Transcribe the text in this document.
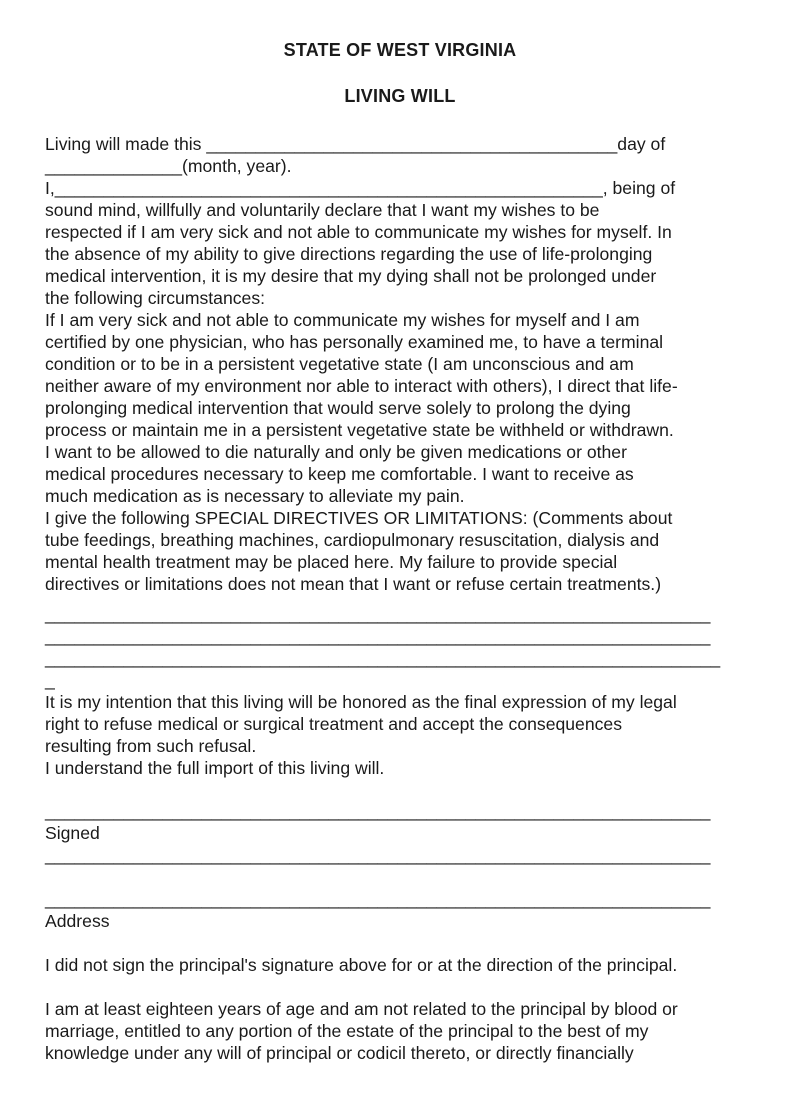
STATE OF WEST VIRGINIA
LIVING WILL
Living will made this __________________________________________day of
______________(month, year).
I,________________________________________________________, being of
sound mind, willfully and voluntarily declare that I want my wishes to be
respected if I am very sick and not able to communicate my wishes for myself. In
the absence of my ability to give directions regarding the use of life-prolonging
medical intervention, it is my desire that my dying shall not be prolonged under
the following circumstances:
If I am very sick and not able to communicate my wishes for myself and I am
certified by one physician, who has personally examined me, to have a terminal
condition or to be in a persistent vegetative state (I am unconscious and am
neither aware of my environment nor able to interact with others), I direct that life-
prolonging medical intervention that would serve solely to prolong the dying
process or maintain me in a persistent vegetative state be withheld or withdrawn.
I want to be allowed to die naturally and only be given medications or other
medical procedures necessary to keep me comfortable. I want to receive as
much medication as is necessary to alleviate my pain.
I give the following SPECIAL DIRECTIVES OR LIMITATIONS: (Comments about
tube feedings, breathing machines, cardiopulmonary resuscitation, dialysis and
mental health treatment may be placed here. My failure to provide special
directives or limitations does not mean that I want or refuse certain treatments.)
____________________________________________________________________
____________________________________________________________________
_____________________________________________________________________
_
It is my intention that this living will be honored as the final expression of my legal
right to refuse medical or surgical treatment and accept the consequences
resulting from such refusal.
I understand the full import of this living will.
____________________________________________________________________
Signed
____________________________________________________________________
____________________________________________________________________
Address
I did not sign the principal's signature above for or at the direction of the principal.
I am at least eighteen years of age and am not related to the principal by blood or
marriage, entitled to any portion of the estate of the principal to the best of my
knowledge under any will of principal or codicil thereto, or directly financially
